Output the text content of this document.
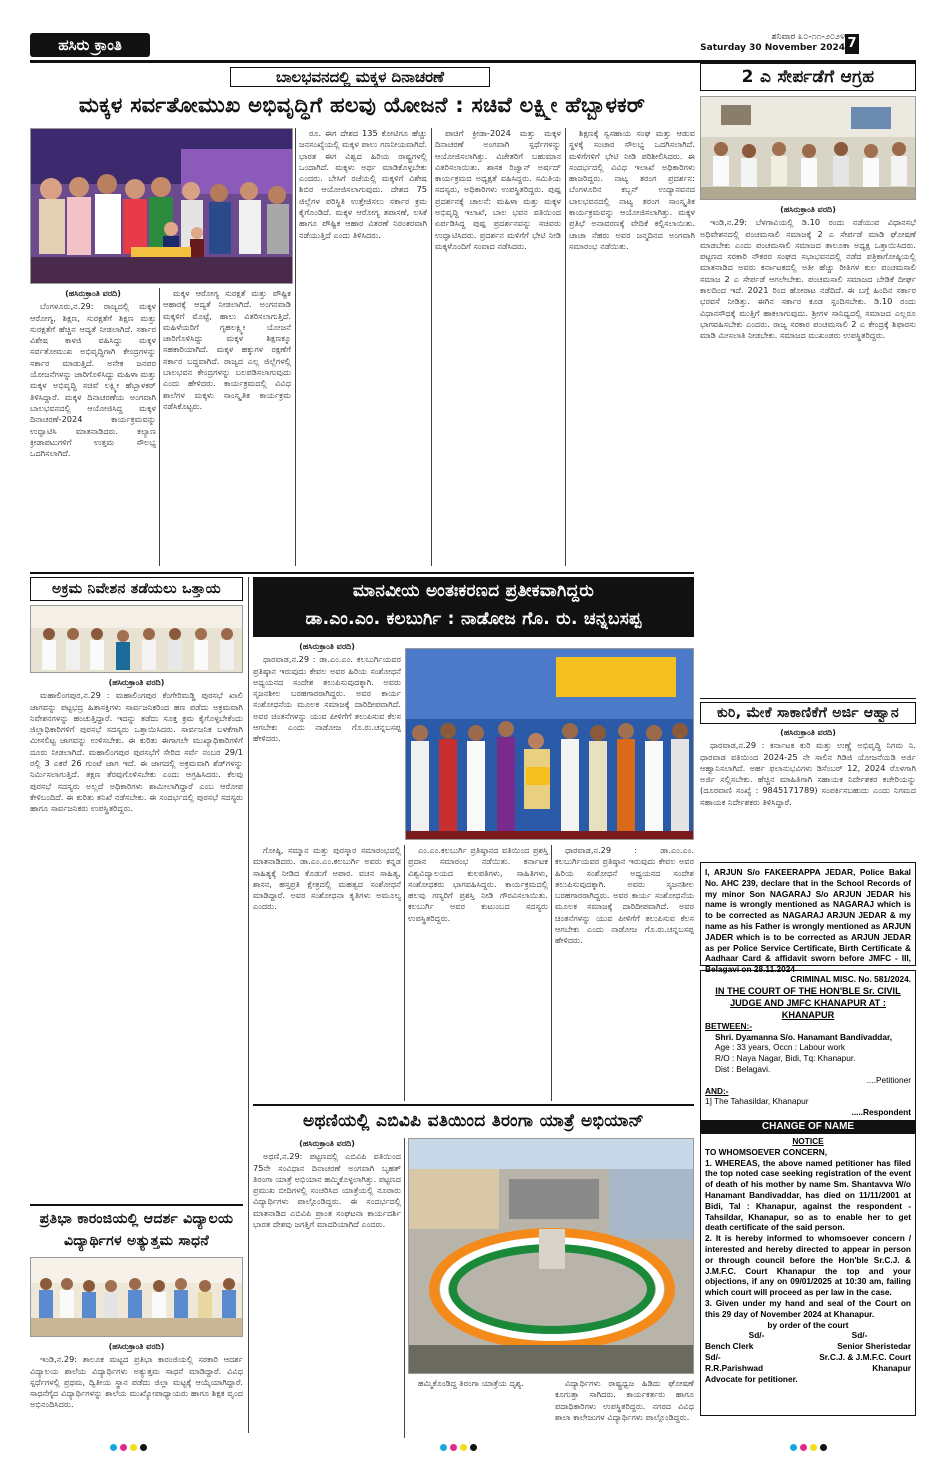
ಹಸಿರು ಕ್ರಾಂತಿ	ಶನಿವಾರ ೩೦-೧೧-೨೦೨೪
Saturday 30 November 2024 7
ಬಾಲಭವನದಲ್ಲಿ ಮಕ್ಕಳ ದಿನಾಚರಣೆ
ಮಕ್ಕಳ ಸರ್ವತೋಮುಖ ಅಭಿವೃದ್ಧಿಗೆ ಹಲವು ಯೋಜನೆ : ಸಚಿವೆ ಲಕ್ಷ್ಮೀ ಹೆಬ್ಬಾಳಕರ್
(ಹಸಿರುಕ್ರಾಂತಿ ವರದಿ)

ಬೆಂಗಳೂರು,ನ.29: ರಾಜ್ಯದಲ್ಲಿ ಮಕ್ಕಳ ಆರೋಗ್ಯ, ಶಿಕ್ಷಣ, ಸುರಕ್ಷತೆಗೆ ಶಿಕ್ಷಣ ಮತ್ತು ಸುರಕ್ಷತೆಗೆ ಹೆಚ್ಚಿನ ಆದ್ಯತೆ ನೀಡಲಾಗಿದೆ. ಸರ್ಕಾರ ವಿಶೇಷ ಕಾಳಜಿ ವಹಿಸಿದ್ದು ಮಕ್ಕಳ ಸರ್ವತೋಮುಖ ಅಭಿವೃದ್ಧಿಗಾಗಿ ಕೇಂದ್ರಗಳನ್ನು ಸರ್ಕಾರ ಮಾಡುತ್ತಿದೆ. ಅನೇಕ ಜನಪರ ಯೋಜನೆಗಳನ್ನು ಜಾರಿಗೊಳಿಸಿದ್ದು ಮಹಿಳಾ ಮತ್ತು ಮಕ್ಕಳ ಅಭಿವೃದ್ಧಿ ಸಚಿವೆ ಲಕ್ಷ್ಮೀ ಹೆಬ್ಬಾಳಕರ್ ತಿಳಿಸಿದ್ದಾರೆ. ಮಕ್ಕಳ ದಿನಾಚರಣೆಯ ಅಂಗವಾಗಿ ಬಾಲಭವನದಲ್ಲಿ ಆಯೋಜಿಸಿದ್ದ ಮಕ್ಕಳ ದಿನಾಚರಣೆ-2024 ಕಾರ್ಯಕ್ರಮವನ್ನು ಉದ್ಘಾಟಿಸಿ ಮಾತನಾಡಿದರು. ಕಲ್ಯಾಣ ಕ್ರೀಡಾಪಟುಗಳಿಗೆ ಉತ್ತಮ ಸೌಲಭ್ಯ ಒದಗಿಸಲಾಗಿದೆ.

ಮಕ್ಕಳ ಆರೋಗ್ಯ ಸುರಕ್ಷತೆ ಮತ್ತು ಪೌಷ್ಟಿಕ ಆಹಾರಕ್ಕೆ ಆದ್ಯತೆ ನೀಡಲಾಗಿದೆ. ಅಂಗನವಾಡಿ ಮಕ್ಕಳಿಗೆ ಮೊಟ್ಟೆ, ಹಾಲು ವಿತರಿಸಲಾಗುತ್ತಿದೆ. ಮಹಿಳೆಯರಿಗೆ ಗೃಹಲಕ್ಷ್ಮೀ ಯೋಜನೆ ಜಾರಿಗೊಳಿಸಿದ್ದು ಮಕ್ಕಳ ಶಿಕ್ಷಣಕ್ಕೂ ಸಹಕಾರಿಯಾಗಿದೆ. ಮಕ್ಕಳ ಹಕ್ಕುಗಳ ರಕ್ಷಣೆಗೆ ಸರ್ಕಾರ ಬದ್ಧವಾಗಿದೆ. ರಾಜ್ಯದ ಎಲ್ಲ ಜಿಲ್ಲೆಗಳಲ್ಲಿ ಬಾಲಭವನ ಕೇಂದ್ರಗಳನ್ನು ಬಲಪಡಿಸಲಾಗುವುದು ಎಂದು ಹೇಳಿದರು. ಕಾರ್ಯಕ್ರಮದಲ್ಲಿ ವಿವಿಧ ಶಾಲೆಗಳ ಮಕ್ಕಳು ಸಾಂಸ್ಕೃತಿಕ ಕಾರ್ಯಕ್ರಮ ನಡೆಸಿಕೊಟ್ಟರು.

ರೂ. ಈಗ ದೇಶದ 135 ಕೋಟಿಗೂ ಹೆಚ್ಚು ಜನಸಂಖ್ಯೆಯಲ್ಲಿ ಮಕ್ಕಳ ಪಾಲು ಗಣನೀಯವಾಗಿದೆ. ಭಾರತ ಈಗ ವಿಶ್ವದ ಹಿರಿಯ ರಾಷ್ಟ್ರಗಳಲ್ಲಿ ಒಂದಾಗಿದೆ. ಮಕ್ಕಳು ಅರ್ಥ ಮಾಡಿಕೊಳ್ಳಬೇಕು ಎಂದರು. ಬೇಸಿಗೆ ರಜೆಯಲ್ಲಿ ಮಕ್ಕಳಿಗೆ ವಿಶೇಷ ಶಿಬಿರ ಆಯೋಜಿಸಲಾಗುವುದು. ದೇಶದ 75 ಜಿಲ್ಲೆಗಳ ಪರಿಸ್ಥಿತಿ ಉತ್ತೇಜಿಸಲು ಸರ್ಕಾರ ಕ್ರಮ ಕೈಗೊಂಡಿದೆ. ಮಕ್ಕಳ ಆರೋಗ್ಯ ತಪಾಸಣೆ, ಲಸಿಕೆ ಹಾಗೂ ಪೌಷ್ಟಿಕ ಆಹಾರ ವಿತರಣೆ ನಿರಂತರವಾಗಿ ನಡೆಯುತ್ತಿದೆ ಎಂದು ತಿಳಿಸಿದರು.

ಪಾಚಿಗೆ ಕ್ರೀಡಾ-2024 ಮತ್ತು ಮಕ್ಕಳ ದಿನಾಚರಣೆ ಅಂಗವಾಗಿ ಸ್ಪರ್ಧೆಗಳನ್ನು ಆಯೋಜಿಸಲಾಗಿತ್ತು. ವಿಜೇತರಿಗೆ ಬಹುಮಾನ ವಿತರಿಸಲಾಯಿತು. ಶಾಸಕ ರಿಜ್ವಾನ್ ಅರ್ಷದ್ ಕಾರ್ಯಕ್ರಮದ ಅಧ್ಯಕ್ಷತೆ ವಹಿಸಿದ್ದರು. ಸಮಿತಿಯ ಸದಸ್ಯರು, ಅಧಿಕಾರಿಗಳು ಉಪಸ್ಥಿತರಿದ್ದರು. ಪುಷ್ಪ ಪ್ರದರ್ಶನಕ್ಕೆ ಚಾಲನೆ: ಮಹಿಳಾ ಮತ್ತು ಮಕ್ಕಳ ಅಭಿವೃದ್ಧಿ ಇಲಾಖೆ, ಬಾಲ ಭವನ ವತಿಯಿಂದ ಏರ್ಪಡಿಸಿದ್ದ ಪುಷ್ಪ ಪ್ರದರ್ಶನವನ್ನು ಸಚಿವರು ಉದ್ಘಾಟಿಸಿದರು. ಪ್ರದರ್ಶನ ಮಳಿಗೆಗೆ ಭೇಟಿ ನೀಡಿ ಮಕ್ಕಳೊಂದಿಗೆ ಸಂವಾದ ನಡೆಸಿದರು.

ಶಿಕ್ಷಣಕ್ಕೆ ಸ್ವಸಹಾಯ ಸಂಘ ಮತ್ತು ಆಡುವ ಸ್ಥಳಕ್ಕೆ ಸಂಚಾರ ಸೌಲಭ್ಯ ಒದಗಿಸಲಾಗಿದೆ. ಮಳಿಗೆಗಳಿಗೆ ಭೇಟಿ ನೀಡಿ ಪರಿಶೀಲಿಸಿದರು. ಈ ಸಂದರ್ಭದಲ್ಲಿ ವಿವಿಧ ಇಲಾಖೆ ಅಧಿಕಾರಿಗಳು ಹಾಜರಿದ್ದರು. ನಾಟ್ಯ ತರಂಗ ಪ್ರದರ್ಶನ: ಬೆಂಗಳೂರಿನ ಕಬ್ಬನ್ ಉದ್ಯಾನವನದ ಬಾಲಭವನದಲ್ಲಿ ನಾಟ್ಯ ತರಂಗ ಸಾಂಸ್ಕೃತಿಕ ಕಾರ್ಯಕ್ರಮವನ್ನು ಆಯೋಜಿಸಲಾಗಿತ್ತು. ಮಕ್ಕಳ ಪ್ರತಿಭೆ ಅನಾವರಣಕ್ಕೆ ವೇದಿಕೆ ಕಲ್ಪಿಸಲಾಯಿತು. ಚಾಚಾ ನೆಹರು ಅವರ ಜನ್ಮದಿನದ ಅಂಗವಾಗಿ ಸಮಾರಂಭ ನಡೆಯಿತು.

2 ಎ ಸೇರ್ಪಡೆಗೆ ಆಗ್ರಹ
(ಹಸಿರುಕ್ರಾಂತಿ ವರದಿ)

ಇಂಡಿ,ನ.29: ಬೆಳಗಾವಿಯಲ್ಲಿ ಡಿ.10 ರಂದು ನಡೆಯುವ ವಿಧಾನಸಭೆ ಅಧಿವೇಶನದಲ್ಲಿ ಪಂಚಮಸಾಲಿ ಸಮಾಜಕ್ಕೆ 2 ಎ ಸೇರ್ಪಡೆ ಮಾಡಿ ಘೋಷಣೆ ಮಾಡಬೇಕು ಎಂದು ಪಂಚಮಸಾಲಿ ಸಮಾಜದ ತಾಲೂಕಾ ಅಧ್ಯಕ್ಷ ಒತ್ತಾಯಿಸಿದರು. ಪಟ್ಟಣದ ಸರಕಾರಿ ನೌಕರರ ಸಂಘದ ಸಭಾಭವನದಲ್ಲಿ ನಡೆದ ಪತ್ರಿಕಾಗೋಷ್ಠಿಯಲ್ಲಿ ಮಾತನಾಡಿದ ಅವರು ಕರ್ನಾಟಕದಲ್ಲಿ ಅತೀ ಹೆಚ್ಚು ರೀತಿಗಳ ಕುಲ ಪಂಚಮಸಾಲಿ ಸಮಾಜ 2 ಎ ಸೇರ್ಪಡೆ ಆಗಲೇಬೇಕು. ಪಂಚಮಸಾಲಿ ಸಮಾಜದ ಬೇಡಿಕೆ ದೀರ್ಘ ಕಾಲದಿಂದ ಇದೆ. 2021 ರಿಂದ ಹೋರಾಟ ನಡೆದಿದೆ. ಈ ಬಗ್ಗೆ ಹಿಂದಿನ ಸರ್ಕಾರ ಭರವಸೆ ನೀಡಿತ್ತು. ಈಗಿನ ಸರ್ಕಾರ ಕೂಡ ಸ್ಪಂದಿಸಬೇಕು. ಡಿ.10 ರಂದು ವಿಧಾನಸೌಧಕ್ಕೆ ಮುತ್ತಿಗೆ ಹಾಕಲಾಗುವುದು. ಶ್ರೀಗಳ ಸಾನಿಧ್ಯದಲ್ಲಿ ಸಮಾಜದ ಎಲ್ಲರೂ ಭಾಗವಹಿಸಬೇಕು ಎಂದರು. ರಾಜ್ಯ ಸರಕಾರ ಪಂಚಮಸಾಲಿ 2 ಎ ಕೇಂದ್ರಕ್ಕೆ ಶಿಫಾರಸು ಮಾಡಿ ಮೀಸಲಾತಿ ನೀಡಬೇಕು. ಸಮಾಜದ ಮುಖಂಡರು ಉಪಸ್ಥಿತರಿದ್ದರು.

ಕುರಿ, ಮೇಕೆ ಸಾಕಾಣಿಕೆಗೆ ಅರ್ಜಿ ಆಹ್ವಾನ
(ಹಸಿರುಕ್ರಾಂತಿ ವರದಿ)

ಧಾರವಾಡ,ನ.29 : ಕರ್ನಾಟಕ ಕುರಿ ಮತ್ತು ಉಣ್ಣೆ ಅಭಿವೃದ್ಧಿ ನಿಗಮ ನಿ. ಧಾರವಾಡ ವತಿಯಿಂದ 2024-25 ನೇ ಸಾಲಿನ ಗಿಡಿಜಿ ಯೋಜನೆಯಡಿ ಅರ್ಜಿ ಆಹ್ವಾನಿಸಲಾಗಿದೆ. ಅರ್ಹ ಫಲಾನುಭವಿಗಳು ಡಿಸೆಂಬರ್ 12, 2024 ರೊಳಗಾಗಿ ಅರ್ಜಿ ಸಲ್ಲಿಸಬೇಕು. ಹೆಚ್ಚಿನ ಮಾಹಿತಿಗಾಗಿ ಸಹಾಯಕ ನಿರ್ದೇಶಕರ ಕಚೇರಿಯನ್ನು (ದೂರವಾಣಿ ಸಂಖ್ಯೆ : 9845171789) ಸಂಪರ್ಕಿಸಬಹುದು ಎಂದು ನಿಗಮದ ಸಹಾಯಕ ನಿರ್ದೇಶಕರು ತಿಳಿಸಿದ್ದಾರೆ.

I, ARJUN S/o FAKEERAPPA JEDAR, Police Bakal No. AHC 239, declare that in the School Records of my minor Son NAGARAJ S/o ARJUN JEDAR his name is wrongly mentioned as NAGARAJ which is to be corrected as NAGARAJ ARJUN JEDAR & my name as his Father is wrongly mentioned as ARJUN JADER which is to be corrected as ARJUN JEDAR as per Police Service Certificate, Birth Certificate & Aadhaar Card & affidavit sworn before JMFC - III, Belagavi on 28.11.2024
CRIMINAL MISC. No. 581/2024.
IN THE COURT OF THE HON'BLE Sr. CIVIL JUDGE AND JMFC KHANAPUR AT : KHANAPUR
BETWEEN:-
Shri. Dyamanna S/o. Hanamant Bandivaddar,
Age : 33 years, Occn : Labour work
R/O : Naya Nagar, Bidi, Tq: Khanapur.
Dist : Belagavi.
....Petitioner
AND:-
1] The Tahasildar, Khanapur
.....Respondent
CHANGE OF NAME
NOTICE
TO WHOMSOEVER CONCERN,
1. WHEREAS, the above named petitioner has filed the top noted case seeking registration of the event of death of his mother by name Sm. Shantavva W/o Hanamant Bandivaddar, has died on 11/11/2001 at Bidi, Tal : Khanapur, against the respondent - Tahsildar, Khanapur, so as to enable her to get death certificate of the said person.
2. It is hereby informed to whomsoever concern / interested and hereby directed to appear in person or through council before the Hon'ble Sr.C.J. & J.M.F.C. Court Khanapur the top and your objections, if any on 09/01/2025 at 10:30 am, failing which court will proceed as per law in the case.
3. Given under my hand and seal of the Court on this 29 day of November 2024 at Khanapur.
by order of the court
Sd/-	Sd/-
Bench Clerk	Senior Sheristedar
Sd/-	Sr.C.J. & J.M.F.C. Court
R.R.Parishwad	Khanapur
Advocate for petitioner.
ಅಕ್ರಮ ನಿವೇಶನ ತಡೆಯಲು ಒತ್ತಾಯ
(ಹಸಿರುಕ್ರಾಂತಿ ವರದಿ)

ಮಹಾಲಿಂಗಪುರ,ನ.29 : ಮಹಾಲಿಂಗಪುರ ಕೆಂಗೇರಿಮಡ್ಡಿ ಪುರಸಭೆ ಖಾಲಿ ಜಾಗವನ್ನು ಪಟ್ಟಭದ್ರ ಹಿತಾಸಕ್ತಿಗಳು ಸಾರ್ವಜನಿಕರಿಂದ ಹಣ ಪಡೆದು ಅಕ್ರಮವಾಗಿ ನಿವೇಶನಗಳನ್ನು ಹಂಚುತ್ತಿದ್ದಾರೆ. ಇದನ್ನು ತಡೆದು ಸೂಕ್ತ ಕ್ರಮ ಕೈಗೊಳ್ಳಬೇಕೆಂದು ಜಿಲ್ಲಾಧಿಕಾರಿಗಳಿಗೆ ಪುರಸಭೆ ಸದಸ್ಯರು ಒತ್ತಾಯಿಸಿದರು. ಸಾರ್ವಜನಿಕ ಬಳಕೆಗಾಗಿ ಮೀಸಲಿಟ್ಟ ಜಾಗವನ್ನು ಉಳಿಸಬೇಕು. ಈ ಕುರಿತು ಈಗಾಗಲೇ ಮುಖ್ಯಾಧಿಕಾರಿಗಳಿಗೆ ದೂರು ನೀಡಲಾಗಿದೆ. ಮಹಾಲಿಂಗಪುರ ಪುರಸಭೆಗೆ ಸೇರಿದ ಸರ್ವೆ ನಂಬರ 29/1 ರಲ್ಲಿ 3 ಎಕರೆ 26 ಗುಂಟೆ ಜಾಗ ಇದೆ. ಈ ಜಾಗದಲ್ಲಿ ಅಕ್ರಮವಾಗಿ ಶೆಡ್‌ಗಳನ್ನು ನಿರ್ಮಿಸಲಾಗುತ್ತಿದೆ. ತಕ್ಷಣ ತೆರವುಗೊಳಿಸಬೇಕು ಎಂದು ಆಗ್ರಹಿಸಿದರು. ಕೆಲವು ಪುರಸಭೆ ಸದಸ್ಯರು ಅಲ್ಲದೆ ಅಧಿಕಾರಿಗಳು ಶಾಮೀಲಾಗಿದ್ದಾರೆ ಎಂಬ ಆರೋಪ ಕೇಳಿಬಂದಿದೆ. ಈ ಕುರಿತು ತನಿಖೆ ನಡೆಸಬೇಕು. ಈ ಸಂದರ್ಭದಲ್ಲಿ ಪುರಸಭೆ ಸದಸ್ಯರು ಹಾಗೂ ಸಾರ್ವಜನಿಕರು ಉಪಸ್ಥಿತರಿದ್ದರು.

ಪ್ರತಿಭಾ ಕಾರಂಜಿಯಲ್ಲಿ ಆದರ್ಶ ವಿದ್ಯಾಲಯ ವಿದ್ಯಾರ್ಥಿಗಳ ಅತ್ಯುತ್ತಮ ಸಾಧನೆ
(ಹಸಿರುಕ್ರಾಂತಿ ವರದಿ)

ಇಂಡಿ,ನ.29: ತಾಲೂಕ ಮಟ್ಟದ ಪ್ರತಿಭಾ ಕಾರಂಜಿಯಲ್ಲಿ ಸರಕಾರಿ ಆದರ್ಶ ವಿದ್ಯಾಲಯ ಶಾಲೆಯ ವಿದ್ಯಾರ್ಥಿಗಳು ಅತ್ಯುತ್ತಮ ಸಾಧನೆ ಮಾಡಿದ್ದಾರೆ. ವಿವಿಧ ಸ್ಪರ್ಧೆಗಳಲ್ಲಿ ಪ್ರಥಮ, ದ್ವಿತೀಯ ಸ್ಥಾನ ಪಡೆದು ಜಿಲ್ಲಾ ಮಟ್ಟಕ್ಕೆ ಆಯ್ಕೆಯಾಗಿದ್ದಾರೆ. ಸಾಧನೆಗೈದ ವಿದ್ಯಾರ್ಥಿಗಳನ್ನು ಶಾಲೆಯ ಮುಖ್ಯೋಪಾಧ್ಯಾಯರು ಹಾಗೂ ಶಿಕ್ಷಕ ವೃಂದ ಅಭಿನಂದಿಸಿದರು.

ಮಾನವೀಯ ಅಂತಃಕರಣದ ಪ್ರತೀಕವಾಗಿದ್ದರು
ಡಾ.ಎಂ.ಎಂ. ಕಲಬುರ್ಗಿ : ನಾಡೋಜ ಗೊ. ರು. ಚನ್ನಬಸಪ್ಪ
(ಹಸಿರುಕ್ರಾಂತಿ ವರದಿ)

ಧಾರವಾಡ,ನ.29 : ಡಾ.ಎಂ.ಎಂ. ಕಲಬುರ್ಗಿಯವರ ಪ್ರತಿಷ್ಠಾನ ಇರುವುದು ಕೇವಲ ಅವರ ಹಿರಿಯ ಸಂಶೋಧನೆ ಅಧ್ಯಯನದ ಸಂದೇಶ ತಲುಪಿಸುವುದಕ್ಕಾಗಿ. ಅವರು ಸೃಜನಶೀಲ ಬರಹಗಾರರಾಗಿದ್ದರು. ಅವರ ಕಾರ್ಯ ಸಂಶೋಧನೆಯ ಮೂಲಕ ಸಮಾಜಕ್ಕೆ ದಾರಿದೀಪವಾಗಿದೆ. ಅವರ ಚಿಂತನೆಗಳನ್ನು ಯುವ ಪೀಳಿಗೆಗೆ ತಲುಪಿಸುವ ಕೆಲಸ ಆಗಬೇಕು ಎಂದು ನಾಡೋಜ ಗೊ.ರು.ಚನ್ನಬಸಪ್ಪ ಹೇಳಿದರು.

ಗೋಷ್ಠಿ, ಸಮ್ಮಾನ ಮತ್ತು ಪುರಸ್ಕಾರ ಸಮಾರಂಭದಲ್ಲಿ ಮಾತನಾಡಿದರು. ಡಾ.ಎಂ.ಎಂ.ಕಲಬುರ್ಗಿ ಅವರು ಕನ್ನಡ ಸಾಹಿತ್ಯಕ್ಕೆ ನೀಡಿದ ಕೊಡುಗೆ ಅಪಾರ. ವಚನ ಸಾಹಿತ್ಯ, ಶಾಸನ, ಹಸ್ತಪ್ರತಿ ಕ್ಷೇತ್ರದಲ್ಲಿ ಮಹತ್ವದ ಸಂಶೋಧನೆ ಮಾಡಿದ್ದಾರೆ. ಅವರ ಸಂಶೋಧನಾ ಕೃತಿಗಳು ಅಮೂಲ್ಯ ಎಂದರು.

ಎಂ.ಎಂ.ಕಲಬುರ್ಗಿ ಪ್ರತಿಷ್ಠಾನದ ವತಿಯಿಂದ ಪ್ರಶಸ್ತಿ ಪ್ರದಾನ ಸಮಾರಂಭ ನಡೆಯಿತು. ಕರ್ನಾಟಕ ವಿಶ್ವವಿದ್ಯಾಲಯದ ಕುಲಪತಿಗಳು, ಸಾಹಿತಿಗಳು, ಸಂಶೋಧಕರು ಭಾಗವಹಿಸಿದ್ದರು. ಕಾರ್ಯಕ್ರಮದಲ್ಲಿ ಹಲವು ಗಣ್ಯರಿಗೆ ಪ್ರಶಸ್ತಿ ನೀಡಿ ಗೌರವಿಸಲಾಯಿತು. ಕಲಬುರ್ಗಿ ಅವರ ಕುಟುಂಬದ ಸದಸ್ಯರು ಉಪಸ್ಥಿತರಿದ್ದರು.

ಧಾರವಾಡ,ನ.29 : ಡಾ.ಎಂ.ಎಂ. ಕಲಬುರ್ಗಿಯವರ ಪ್ರತಿಷ್ಠಾನ ಇರುವುದು ಕೇವಲ ಅವರ ಹಿರಿಯ ಸಂಶೋಧನೆ ಅಧ್ಯಯನದ ಸಂದೇಶ ತಲುಪಿಸುವುದಕ್ಕಾಗಿ. ಅವರು ಸೃಜನಶೀಲ ಬರಹಗಾರರಾಗಿದ್ದರು. ಅವರ ಕಾರ್ಯ ಸಂಶೋಧನೆಯ ಮೂಲಕ ಸಮಾಜಕ್ಕೆ ದಾರಿದೀಪವಾಗಿದೆ. ಅವರ ಚಿಂತನೆಗಳನ್ನು ಯುವ ಪೀಳಿಗೆಗೆ ತಲುಪಿಸುವ ಕೆಲಸ ಆಗಬೇಕು ಎಂದು ನಾಡೋಜ ಗೊ.ರು.ಚನ್ನಬಸಪ್ಪ ಹೇಳಿದರು.

ಅಥಣಿಯಲ್ಲಿ ಎಬಿವಿಪಿ ವತಿಯಿಂದ ತಿರಂಗಾ ಯಾತ್ರೆ ಅಭಿಯಾನ್
(ಹಸಿರುಕ್ರಾಂತಿ ವರದಿ)

ಅಥಣಿ,ನ.29: ಪಟ್ಟಣದಲ್ಲಿ ಎಬಿವಿಪಿ ವತಿಯಿಂದ 75ನೇ ಸಂವಿಧಾನ ದಿನಾಚರಣೆ ಅಂಗವಾಗಿ ಬೃಹತ್ ತಿರಂಗಾ ಯಾತ್ರೆ ಅಭಿಯಾನ ಹಮ್ಮಿಕೊಳ್ಳಲಾಗಿತ್ತು. ಪಟ್ಟಣದ ಪ್ರಮುಖ ಬೀದಿಗಳಲ್ಲಿ ಸಂಚರಿಸಿದ ಯಾತ್ರೆಯಲ್ಲಿ ನೂರಾರು ವಿದ್ಯಾರ್ಥಿಗಳು ಪಾಲ್ಗೊಂಡಿದ್ದರು. ಈ ಸಂದರ್ಭದಲ್ಲಿ ಮಾತನಾಡಿದ ಎಬಿವಿಪಿ ಪ್ರಾಂತ ಸಂಘಟನಾ ಕಾರ್ಯದರ್ಶಿ ಭಾರತ ದೇಶವು ಜಗತ್ತಿಗೆ ಮಾದರಿಯಾಗಿದೆ ಎಂದರು.

ಹಮ್ಮಿಕೊಂಡಿದ್ದ ತಿರಂಗಾ ಯಾತ್ರೆಯ ದೃಶ್ಯ.	ವಿದ್ಯಾರ್ಥಿಗಳು ರಾಷ್ಟ್ರಧ್ವಜ ಹಿಡಿದು ಘೋಷಣೆ ಕೂಗುತ್ತಾ ಸಾಗಿದರು. ಕಾರ್ಯಕರ್ತರು ಹಾಗೂ ಪದಾಧಿಕಾರಿಗಳು ಉಪಸ್ಥಿತರಿದ್ದರು. ನಗರದ ವಿವಿಧ ಶಾಲಾ ಕಾಲೇಜುಗಳ ವಿದ್ಯಾರ್ಥಿಗಳು ಪಾಲ್ಗೊಂಡಿದ್ದರು.
